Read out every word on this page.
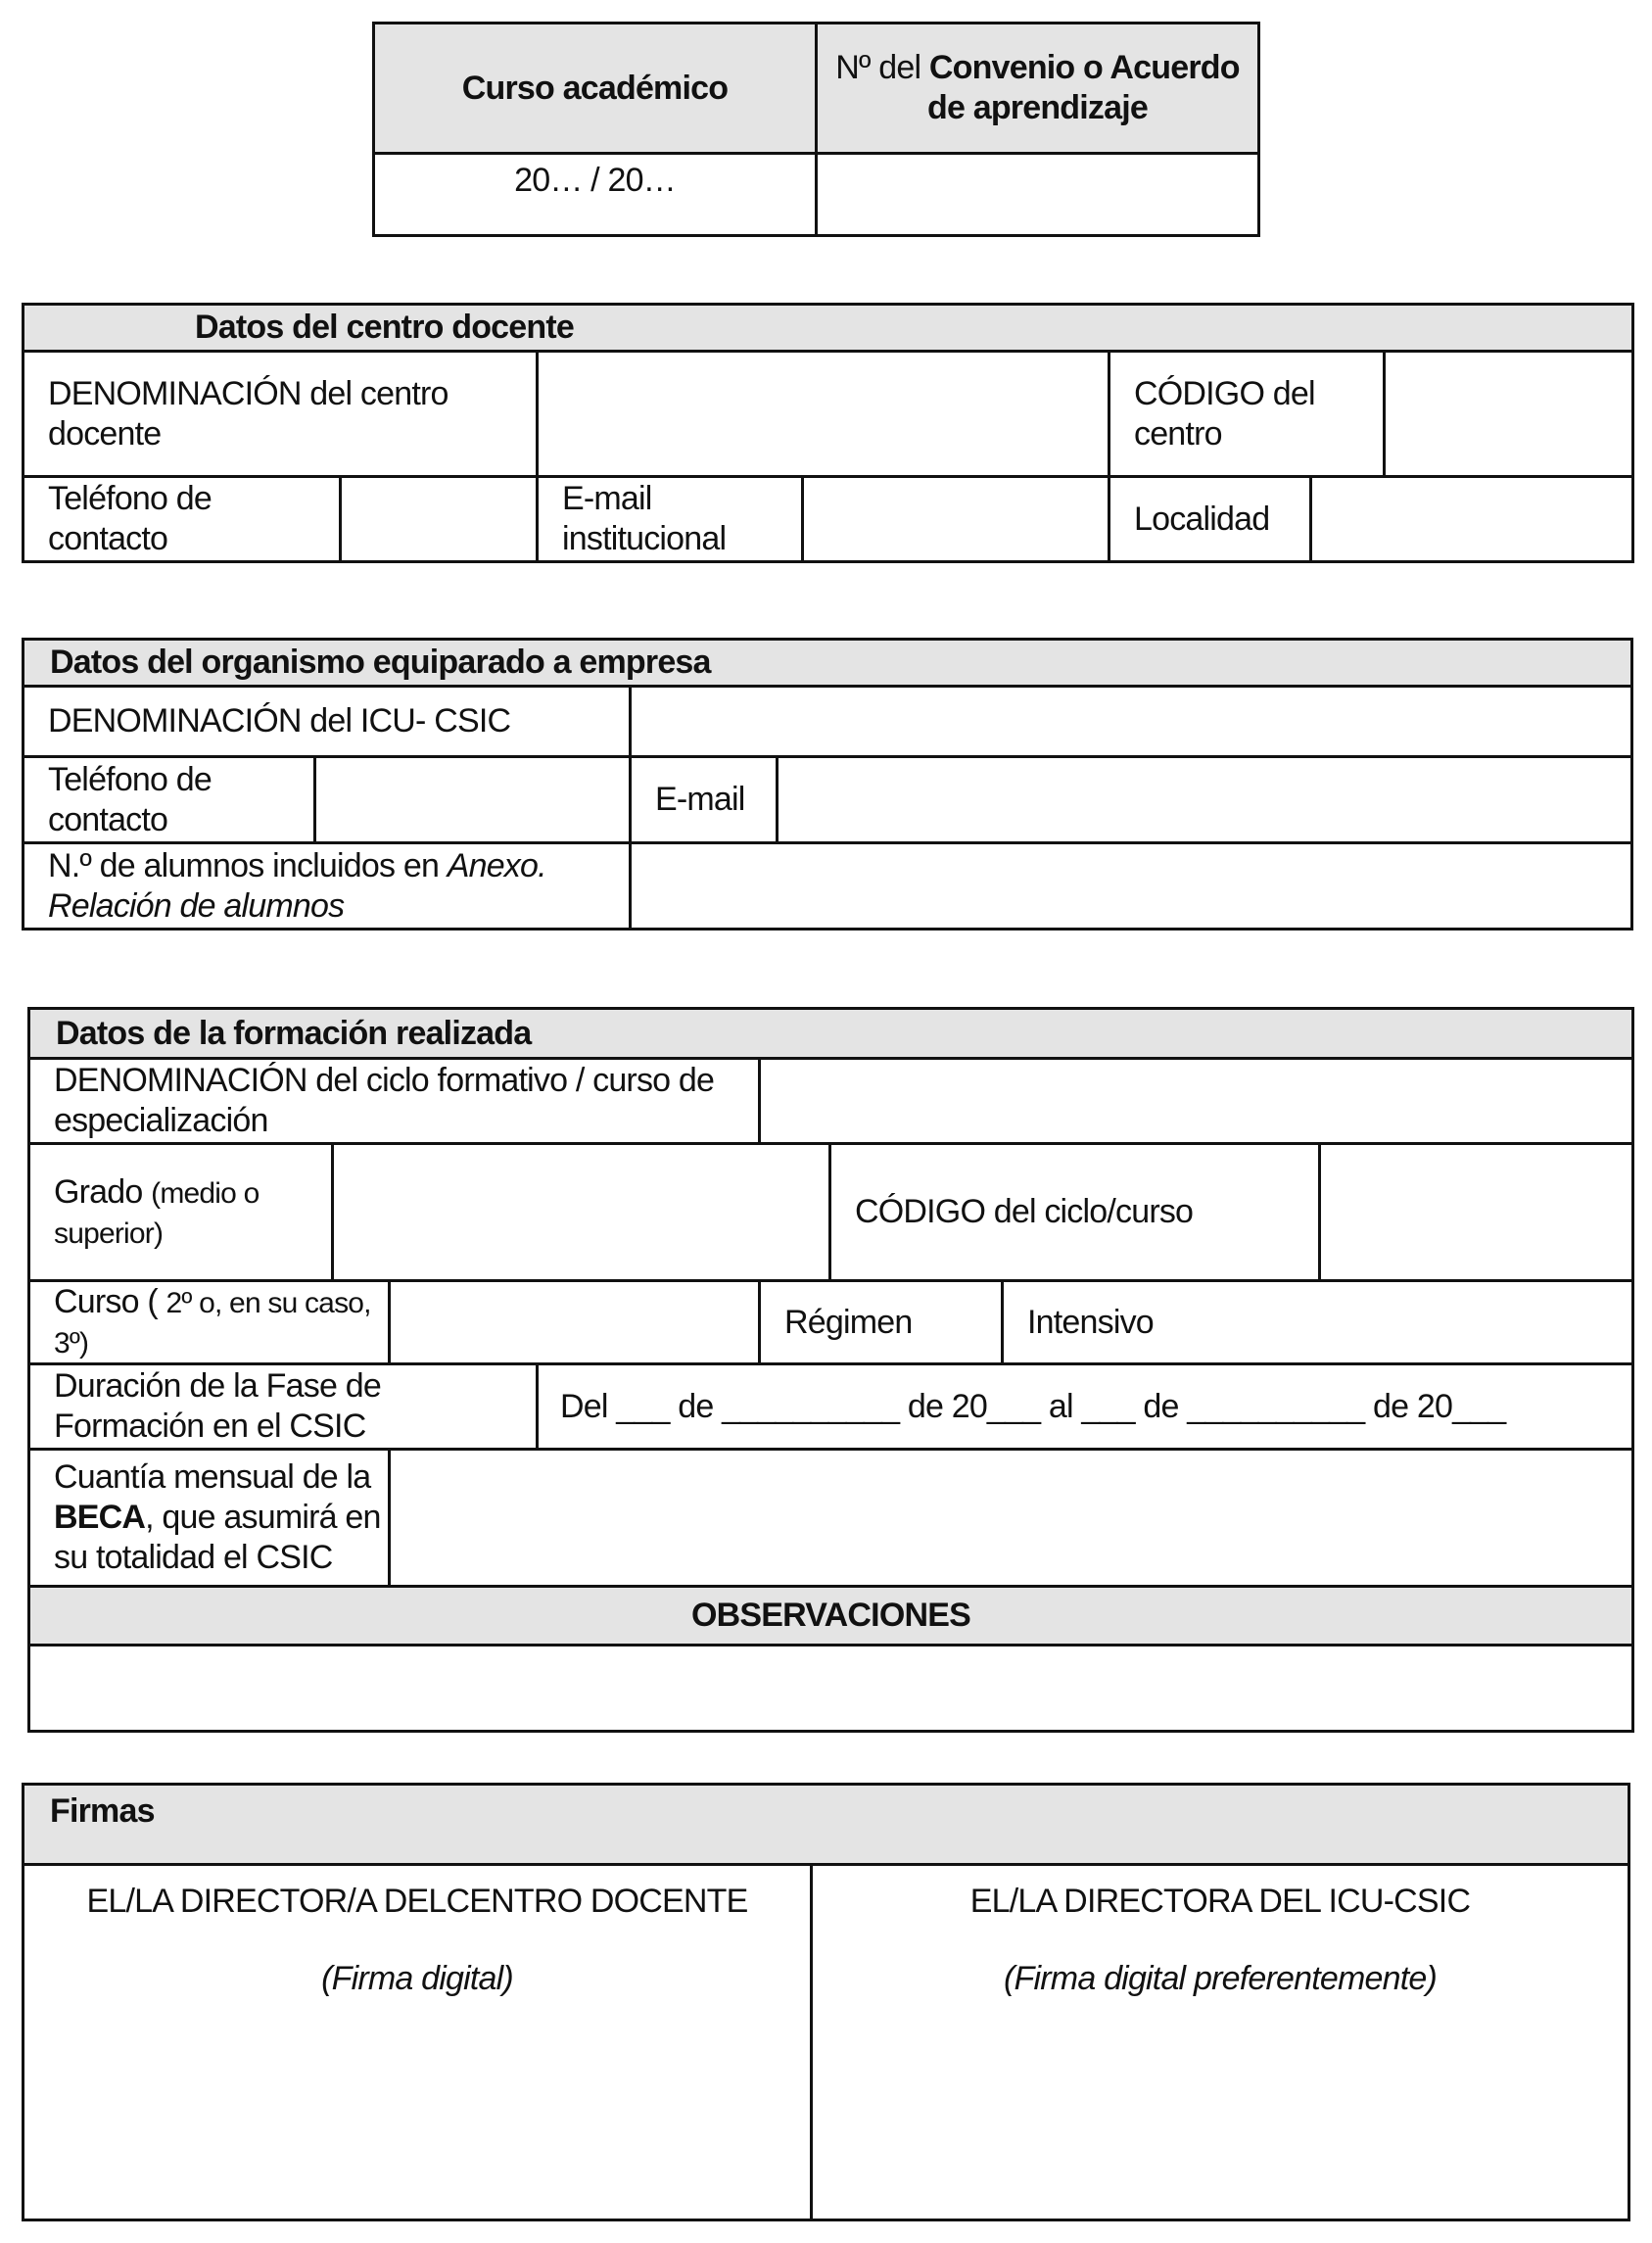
Curso académico	Nº del Convenio o Acuerdo de aprendizaje
20… / 20…	
Datos del centro docente						
DENOMINACIÓN del centro docente				CÓDIGO del centro		
Teléfono de contacto		E-mail institucional		Localidad		
Datos del organismo equiparado a empresa			
DENOMINACIÓN del ICU- CSIC			
Teléfono de contacto		E-mail	
N.º de alumnos incluidos en Anexo. Relación de alumnos			
Datos de la formación realizada							
DENOMINACIÓN del ciclo formativo / curso de especialización							
Grado (medio o superior)					CÓDIGO del ciclo/curso		
Curso ( 2º o, en su caso, 3º)				Régimen		Intensivo	
Duración de la Fase de Formación en el CSIC			Del ___ de __________ de 20___ al ___ de __________ de 20___				
Cuantía mensual de la BECA, que asumirá en su totalidad el CSIC							
OBSERVACIONES							

Firmas

EL/LA DIRECTOR/A DELCENTRO DOCENTE
(Firma digital)

EL/LA DIRECTORA DEL ICU-CSIC
(Firma digital preferentemente)
